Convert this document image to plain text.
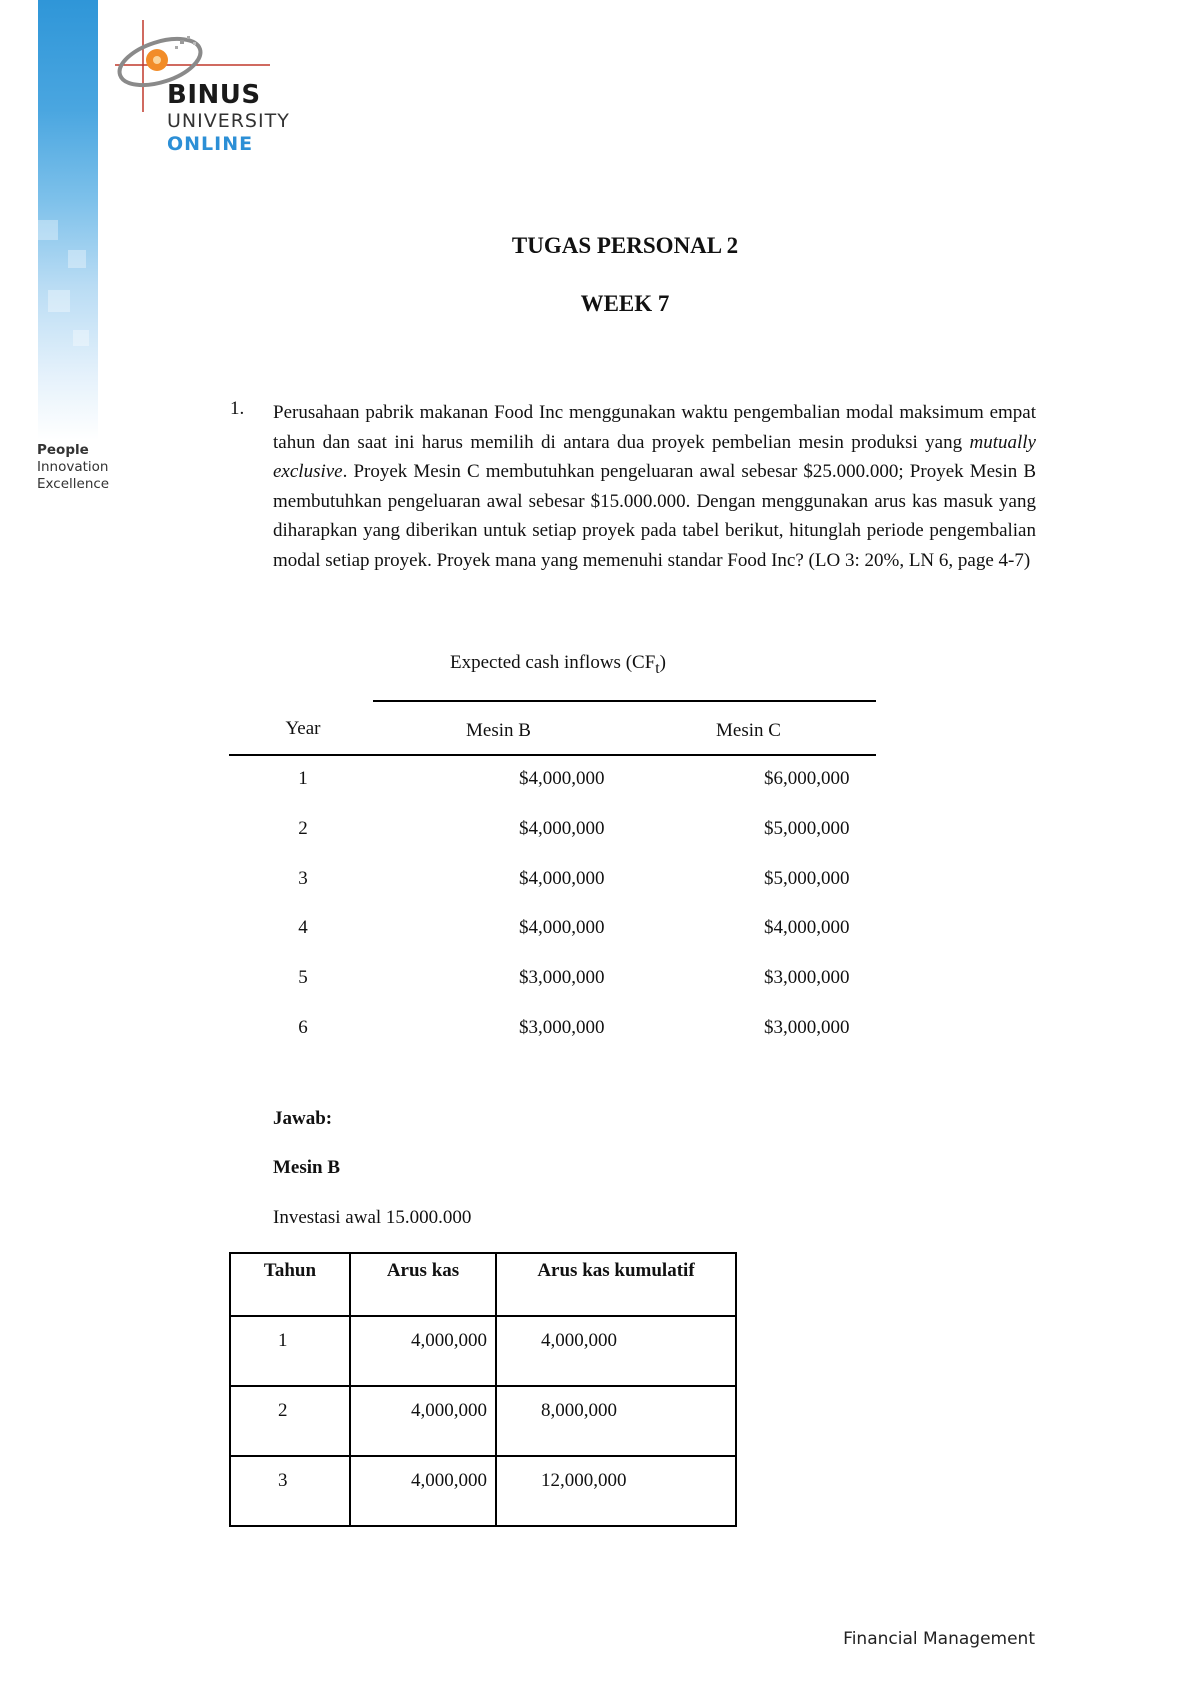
BINUS
UNIVERSITY
ONLINE
People
Innovation
Excellence
TUGAS PERSONAL 2
WEEK 7
1. Perusahaan pabrik makanan Food Inc menggunakan waktu pengembalian modal maksimum empat tahun dan saat ini harus memilih di antara dua proyek pembelian mesin produksi yang mutually exclusive. Proyek Mesin C membutuhkan pengeluaran awal sebesar $25.000.000; Proyek Mesin B membutuhkan pengeluaran awal sebesar $15.000.000. Dengan menggunakan arus kas masuk yang diharapkan yang diberikan untuk setiap proyek pada tabel berikut, hitunglah periode pengembalian modal setiap proyek. Proyek mana yang memenuhi standar Food Inc? (LO 3: 20%, LN 6, page 4-7)
Expected cash inflows $(CF_t)$
Year	Mesin B	Mesin C
1	$4,000,000	$6,000,000
2	$4,000,000	$5,000,000
3	$4,000,000	$5,000,000
4	$4,000,000	$4,000,000
5	$3,000,000	$3,000,000
6	$3,000,000	$3,000,000
Jawab:
Mesin B
Investasi awal 15.000.000
Tahun	Arus kas	Arus kas kumulatif
1	4,000,000	4,000,000
2	4,000,000	8,000,000
3	4,000,000	12,000,000
Financial Management
